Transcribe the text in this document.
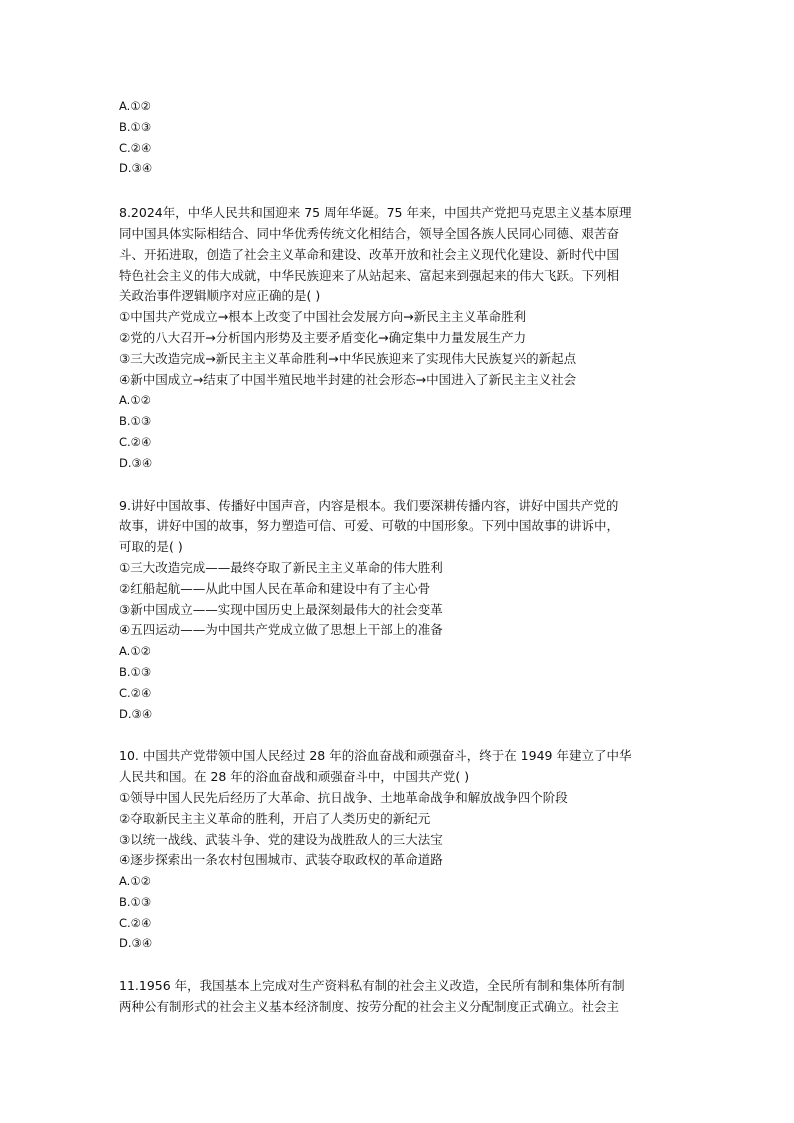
A.①②
B.①③
C.②④
D.③④
8.2024年，中华人民共和国迎来 75 周年华诞。75 年来，中国共产党把马克思主义基本原理
同中国具体实际相结合、同中华优秀传统文化相结合，领导全国各族人民同心同德、艰苦奋
斗、开拓进取，创造了社会主义革命和建设、改革开放和社会主义现代化建设、新时代中国
特色社会主义的伟大成就，中华民族迎来了从站起来、富起来到强起来的伟大飞跃。下列相
关政治事件逻辑顺序对应正确的是( )
①中国共产党成立→根本上改变了中国社会发展方向→新民主主义革命胜利
②党的八大召开→分析国内形势及主要矛盾变化→确定集中力量发展生产力
③三大改造完成→新民主主义革命胜利→中华民族迎来了实现伟大民族复兴的新起点
④新中国成立→结束了中国半殖民地半封建的社会形态→中国进入了新民主主义社会
A.①②
B.①③
C.②④
D.③④
9.讲好中国故事、传播好中国声音，内容是根本。我们要深耕传播内容，讲好中国共产党的
故事，讲好中国的故事，努力塑造可信、可爱、可敬的中国形象。下列中国故事的讲诉中，
可取的是( )
①三大改造完成——最终夺取了新民主主义革命的伟大胜利
②红船起航——从此中国人民在革命和建设中有了主心骨
③新中国成立——实现中国历史上最深刻最伟大的社会变革
④五四运动——为中国共产党成立做了思想上干部上的准备
A.①②
B.①③
C.②④
D.③④
10. 中国共产党带领中国人民经过 28 年的浴血奋战和顽强奋斗，终于在 1949 年建立了中华
人民共和国。在 28 年的浴血奋战和顽强奋斗中，中国共产党( )
①领导中国人民先后经历了大革命、抗日战争、土地革命战争和解放战争四个阶段
②夺取新民主主义革命的胜利，开启了人类历史的新纪元
③以统一战线、武装斗争、党的建设为战胜敌人的三大法宝
④逐步探索出一条农村包围城市、武装夺取政权的革命道路
A.①②
B.①③
C.②④
D.③④
11.1956 年，我国基本上完成对生产资料私有制的社会主义改造，全民所有制和集体所有制
两种公有制形式的社会主义基本经济制度、按劳分配的社会主义分配制度正式确立。社会主
